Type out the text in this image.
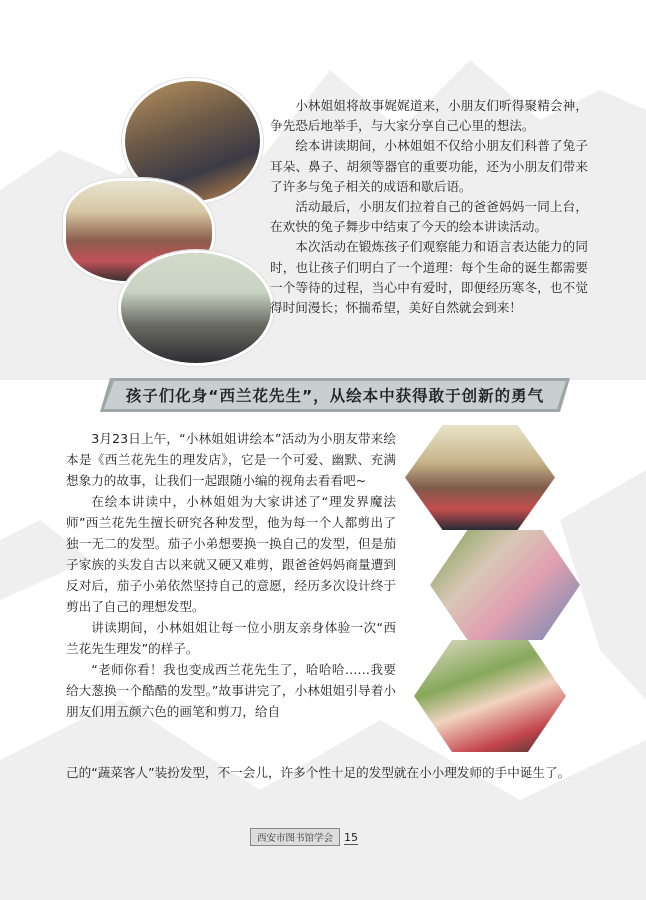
小林姐姐将故事娓娓道来，小朋友们听得聚精会神，争先恐后地举手，与大家分享自己心里的想法。

绘本讲读期间，小林姐姐不仅给小朋友们科普了兔子耳朵、鼻子、胡须等器官的重要功能，还为小朋友们带来了许多与兔子相关的成语和歇后语。

活动最后，小朋友们拉着自己的爸爸妈妈一同上台，在欢快的兔子舞步中结束了今天的绘本讲读活动。

本次活动在锻炼孩子们观察能力和语言表达能力的同时，也让孩子们明白了一个道理：每个生命的诞生都需要一个等待的过程，当心中有爱时，即便经历寒冬，也不觉得时间漫长；怀揣希望，美好自然就会到来！

孩子们化身“西兰花先生”，从绘本中获得敢于创新的勇气

3月23日上午，“小林姐姐讲绘本”活动为小朋友带来绘本是《西兰花先生的理发店》，它是一个可爱、幽默、充满想象力的故事，让我们一起跟随小编的视角去看看吧~

在绘本讲读中，小林姐姐为大家讲述了“理发界魔法师”西兰花先生擅长研究各种发型，他为每一个人都剪出了独一无二的发型。茄子小弟想要换一换自己的发型，但是茄子家族的头发自古以来就又硬又难剪，跟爸爸妈妈商量遭到反对后，茄子小弟依然坚持自己的意愿，经历多次设计终于剪出了自己的理想发型。

讲读期间，小林姐姐让每一位小朋友亲身体验一次“西兰花先生理发”的样子。

“老师你看！我也变成西兰花先生了，哈哈哈……我要给大葱换一个酷酷的发型。”故事讲完了，小林姐姐引导着小朋友们用五颜六色的画笔和剪刀，给自

己的“蔬菜客人”装扮发型，不一会儿，许多个性十足的发型就在小小理发师的手中诞生了。
西安市图书馆学会 15
